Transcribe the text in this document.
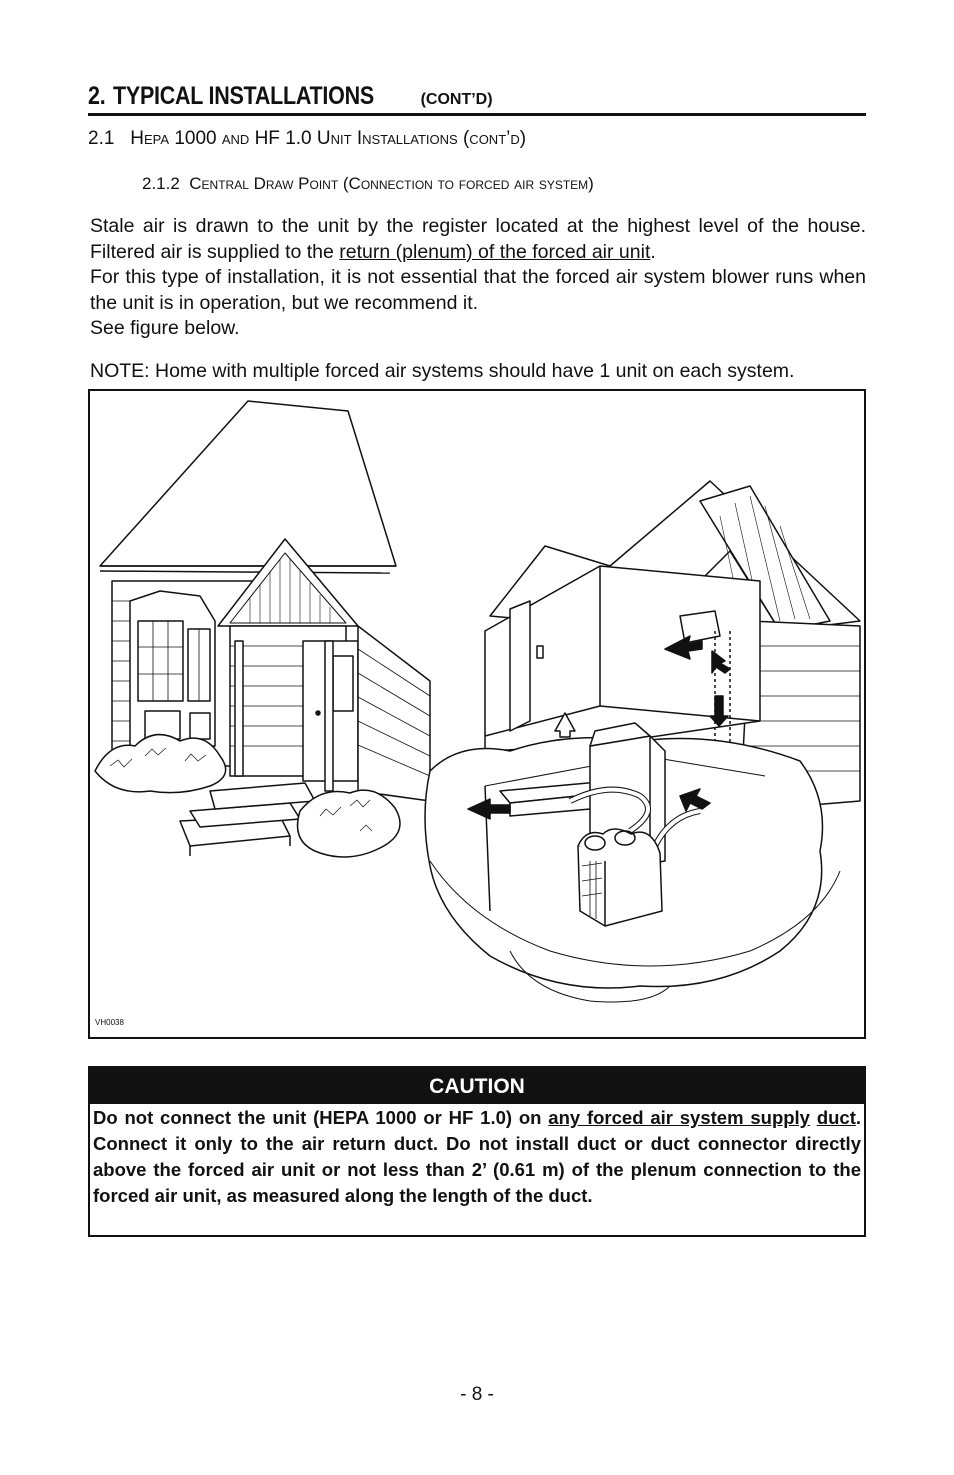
2. TYPICAL INSTALLATIONS	(CONT’D)
2.1 Hepa 1000 and HF 1.0 Unit Installations (cont’d)
2.1.2 Central Draw Point (Connection to forced air system)

Stale air is drawn to the unit by the register located at the highest level of the house. Filtered air is supplied to the return (plenum) of the forced air unit.

For this type of installation, it is not essential that the forced air system blower runs when the unit is in operation, but we recommend it.

See figure below.

NOTE: Home with multiple forced air systems should have 1 unit on each system.
VH0038
CAUTION
Do not connect the unit (HEPA 1000 or HF 1.0) on any forced air system supply duct. Connect it only to the air return duct. Do not install duct or duct connector directly above the forced air unit or not less than 2’ (0.61 m) of the plenum connection to the forced air unit, as measured along the length of the duct.
- 8 -
